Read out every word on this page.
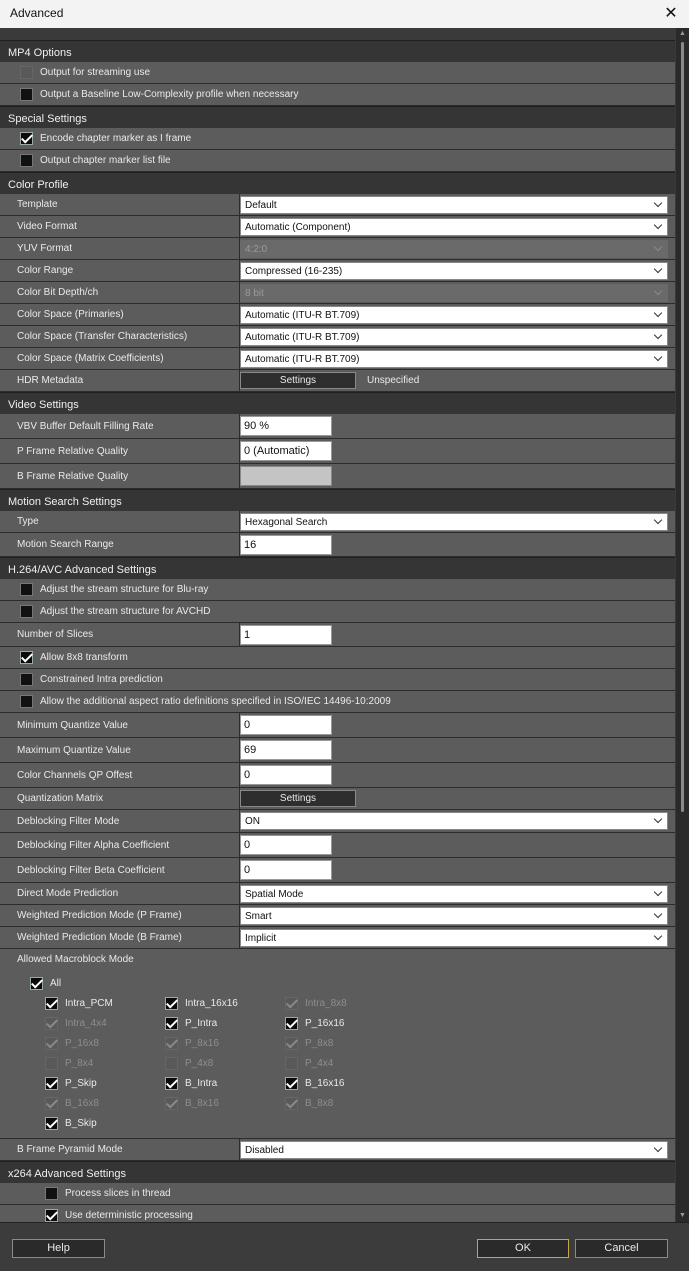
Advanced	✕
MP4 Options
Output for streaming use
Output a Baseline Low-Complexity profile when necessary
Special Settings
Encode chapter marker as I frame
Output chapter marker list file
Color Profile
Template	Default
Video Format	Automatic (Component)
YUV Format	4:2:0
Color Range	Compressed (16-235)
Color Bit Depth/ch	8 bit
Color Space (Primaries)	Automatic (ITU-R BT.709)
Color Space (Transfer Characteristics)	Automatic (ITU-R BT.709)
Color Space (Matrix Coefficients)	Automatic (ITU-R BT.709)
HDR Metadata	Settings	Unspecified
Video Settings
VBV Buffer Default Filling Rate	90 %
P Frame Relative Quality	0 (Automatic)
B Frame Relative Quality
Motion Search Settings
Type	Hexagonal Search
Motion Search Range	16
H.264/AVC Advanced Settings
Adjust the stream structure for Blu-ray
Adjust the stream structure for AVCHD
Number of Slices	1
Allow 8x8 transform
Constrained Intra prediction
Allow the additional aspect ratio definitions specified in ISO/IEC 14496-10:2009
Minimum Quantize Value	0
Maximum Quantize Value	69
Color Channels QP Offest	0
Quantization Matrix	Settings
Deblocking Filter Mode	ON
Deblocking Filter Alpha Coefficient	0
Deblocking Filter Beta Coefficient	0
Direct Mode Prediction	Spatial Mode
Weighted Prediction Mode (P Frame)	Smart
Weighted Prediction Mode (B Frame)	Implicit
Allowed Macroblock Mode
All
Intra_PCM	Intra_16x16	Intra_8x8
Intra_4x4	P_Intra	P_16x16
P_16x8	P_8x16	P_8x8
P_8x4	P_4x8	P_4x4
P_Skip	B_Intra	B_16x16
B_16x8	B_8x16	B_8x8
B_Skip
B Frame Pyramid Mode	Disabled
x264 Advanced Settings
Process slices in thread
Use deterministic processing
▲
▼
Help	OK	Cancel
